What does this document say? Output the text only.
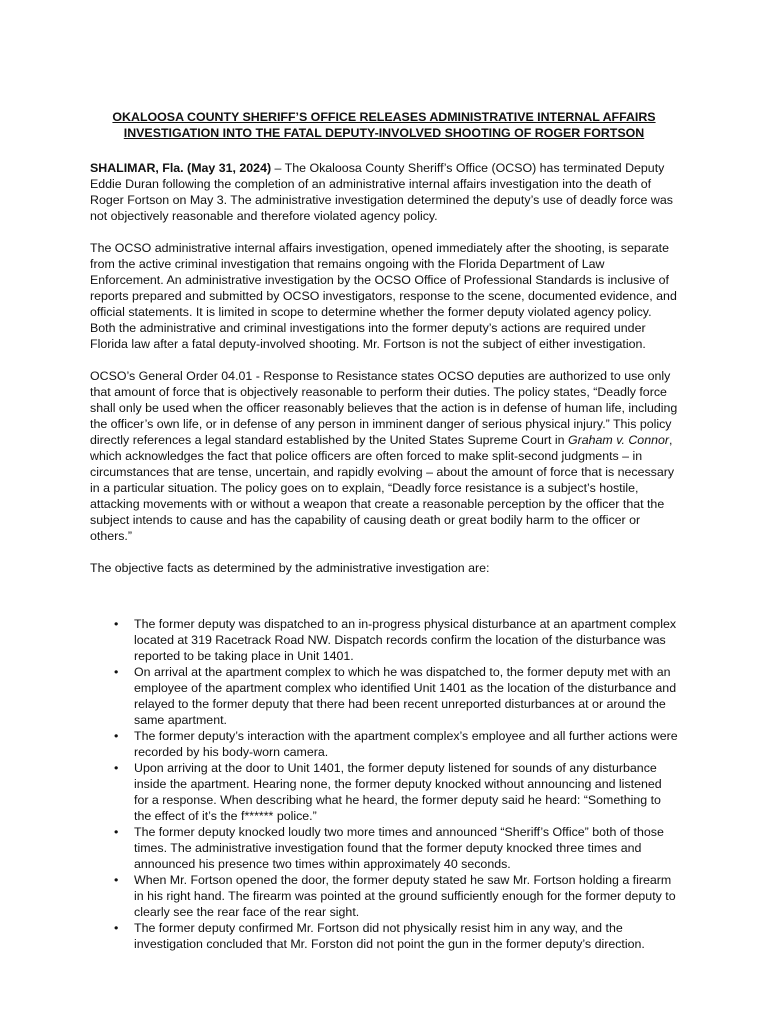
OKALOOSA COUNTY SHERIFF’S OFFICE RELEASES ADMINISTRATIVE INTERNAL AFFAIRS
INVESTIGATION INTO THE FATAL DEPUTY-INVOLVED SHOOTING OF ROGER FORTSON

SHALIMAR, Fla. (May 31, 2024) – The Okaloosa County Sheriff’s Office (OCSO) has terminated Deputy Eddie Duran following the completion of an administrative internal affairs investigation into the death of Roger Fortson on May 3. The administrative investigation determined the deputy’s use of deadly force was not objectively reasonable and therefore violated agency policy.

The OCSO administrative internal affairs investigation, opened immediately after the shooting, is separate from the active criminal investigation that remains ongoing with the Florida Department of Law Enforcement. An administrative investigation by the OCSO Office of Professional Standards is inclusive of reports prepared and submitted by OCSO investigators, response to the scene, documented evidence, and official statements. It is limited in scope to determine whether the former deputy violated agency policy. Both the administrative and criminal investigations into the former deputy’s actions are required under Florida law after a fatal deputy-involved shooting. Mr. Fortson is not the subject of either investigation.

OCSO’s General Order 04.01 - Response to Resistance states OCSO deputies are authorized to use only that amount of force that is objectively reasonable to perform their duties. The policy states, “Deadly force shall only be used when the officer reasonably believes that the action is in defense of human life, including the officer’s own life, or in defense of any person in imminent danger of serious physical injury.” This policy directly references a legal standard established by the United States Supreme Court in Graham v. Connor, which acknowledges the fact that police officers are often forced to make split-second judgments – in circumstances that are tense, uncertain, and rapidly evolving – about the amount of force that is necessary in a particular situation. The policy goes on to explain, “Deadly force resistance is a subject’s hostile, attacking movements with or without a weapon that create a reasonable perception by the officer that the subject intends to cause and has the capability of causing death or great bodily harm to the officer or others.”

The objective facts as determined by the administrative investigation are:

• The former deputy was dispatched to an in-progress physical disturbance at an apartment complex located at 319 Racetrack Road NW. Dispatch records confirm the location of the disturbance was reported to be taking place in Unit 1401.
• On arrival at the apartment complex to which he was dispatched to, the former deputy met with an employee of the apartment complex who identified Unit 1401 as the location of the disturbance and relayed to the former deputy that there had been recent unreported disturbances at or around the same apartment.
• The former deputy’s interaction with the apartment complex’s employee and all further actions were recorded by his body-worn camera.
• Upon arriving at the door to Unit 1401, the former deputy listened for sounds of any disturbance inside the apartment. Hearing none, the former deputy knocked without announcing and listened for a response. When describing what he heard, the former deputy said he heard: “Something to the effect of it’s the f****** police.”
• The former deputy knocked loudly two more times and announced “Sheriff’s Office” both of those times. The administrative investigation found that the former deputy knocked three times and announced his presence two times within approximately 40 seconds.
• When Mr. Fortson opened the door, the former deputy stated he saw Mr. Fortson holding a firearm in his right hand. The firearm was pointed at the ground sufficiently enough for the former deputy to clearly see the rear face of the rear sight.
• The former deputy confirmed Mr. Fortson did not physically resist him in any way, and the investigation concluded that Mr. Forston did not point the gun in the former deputy’s direction.
